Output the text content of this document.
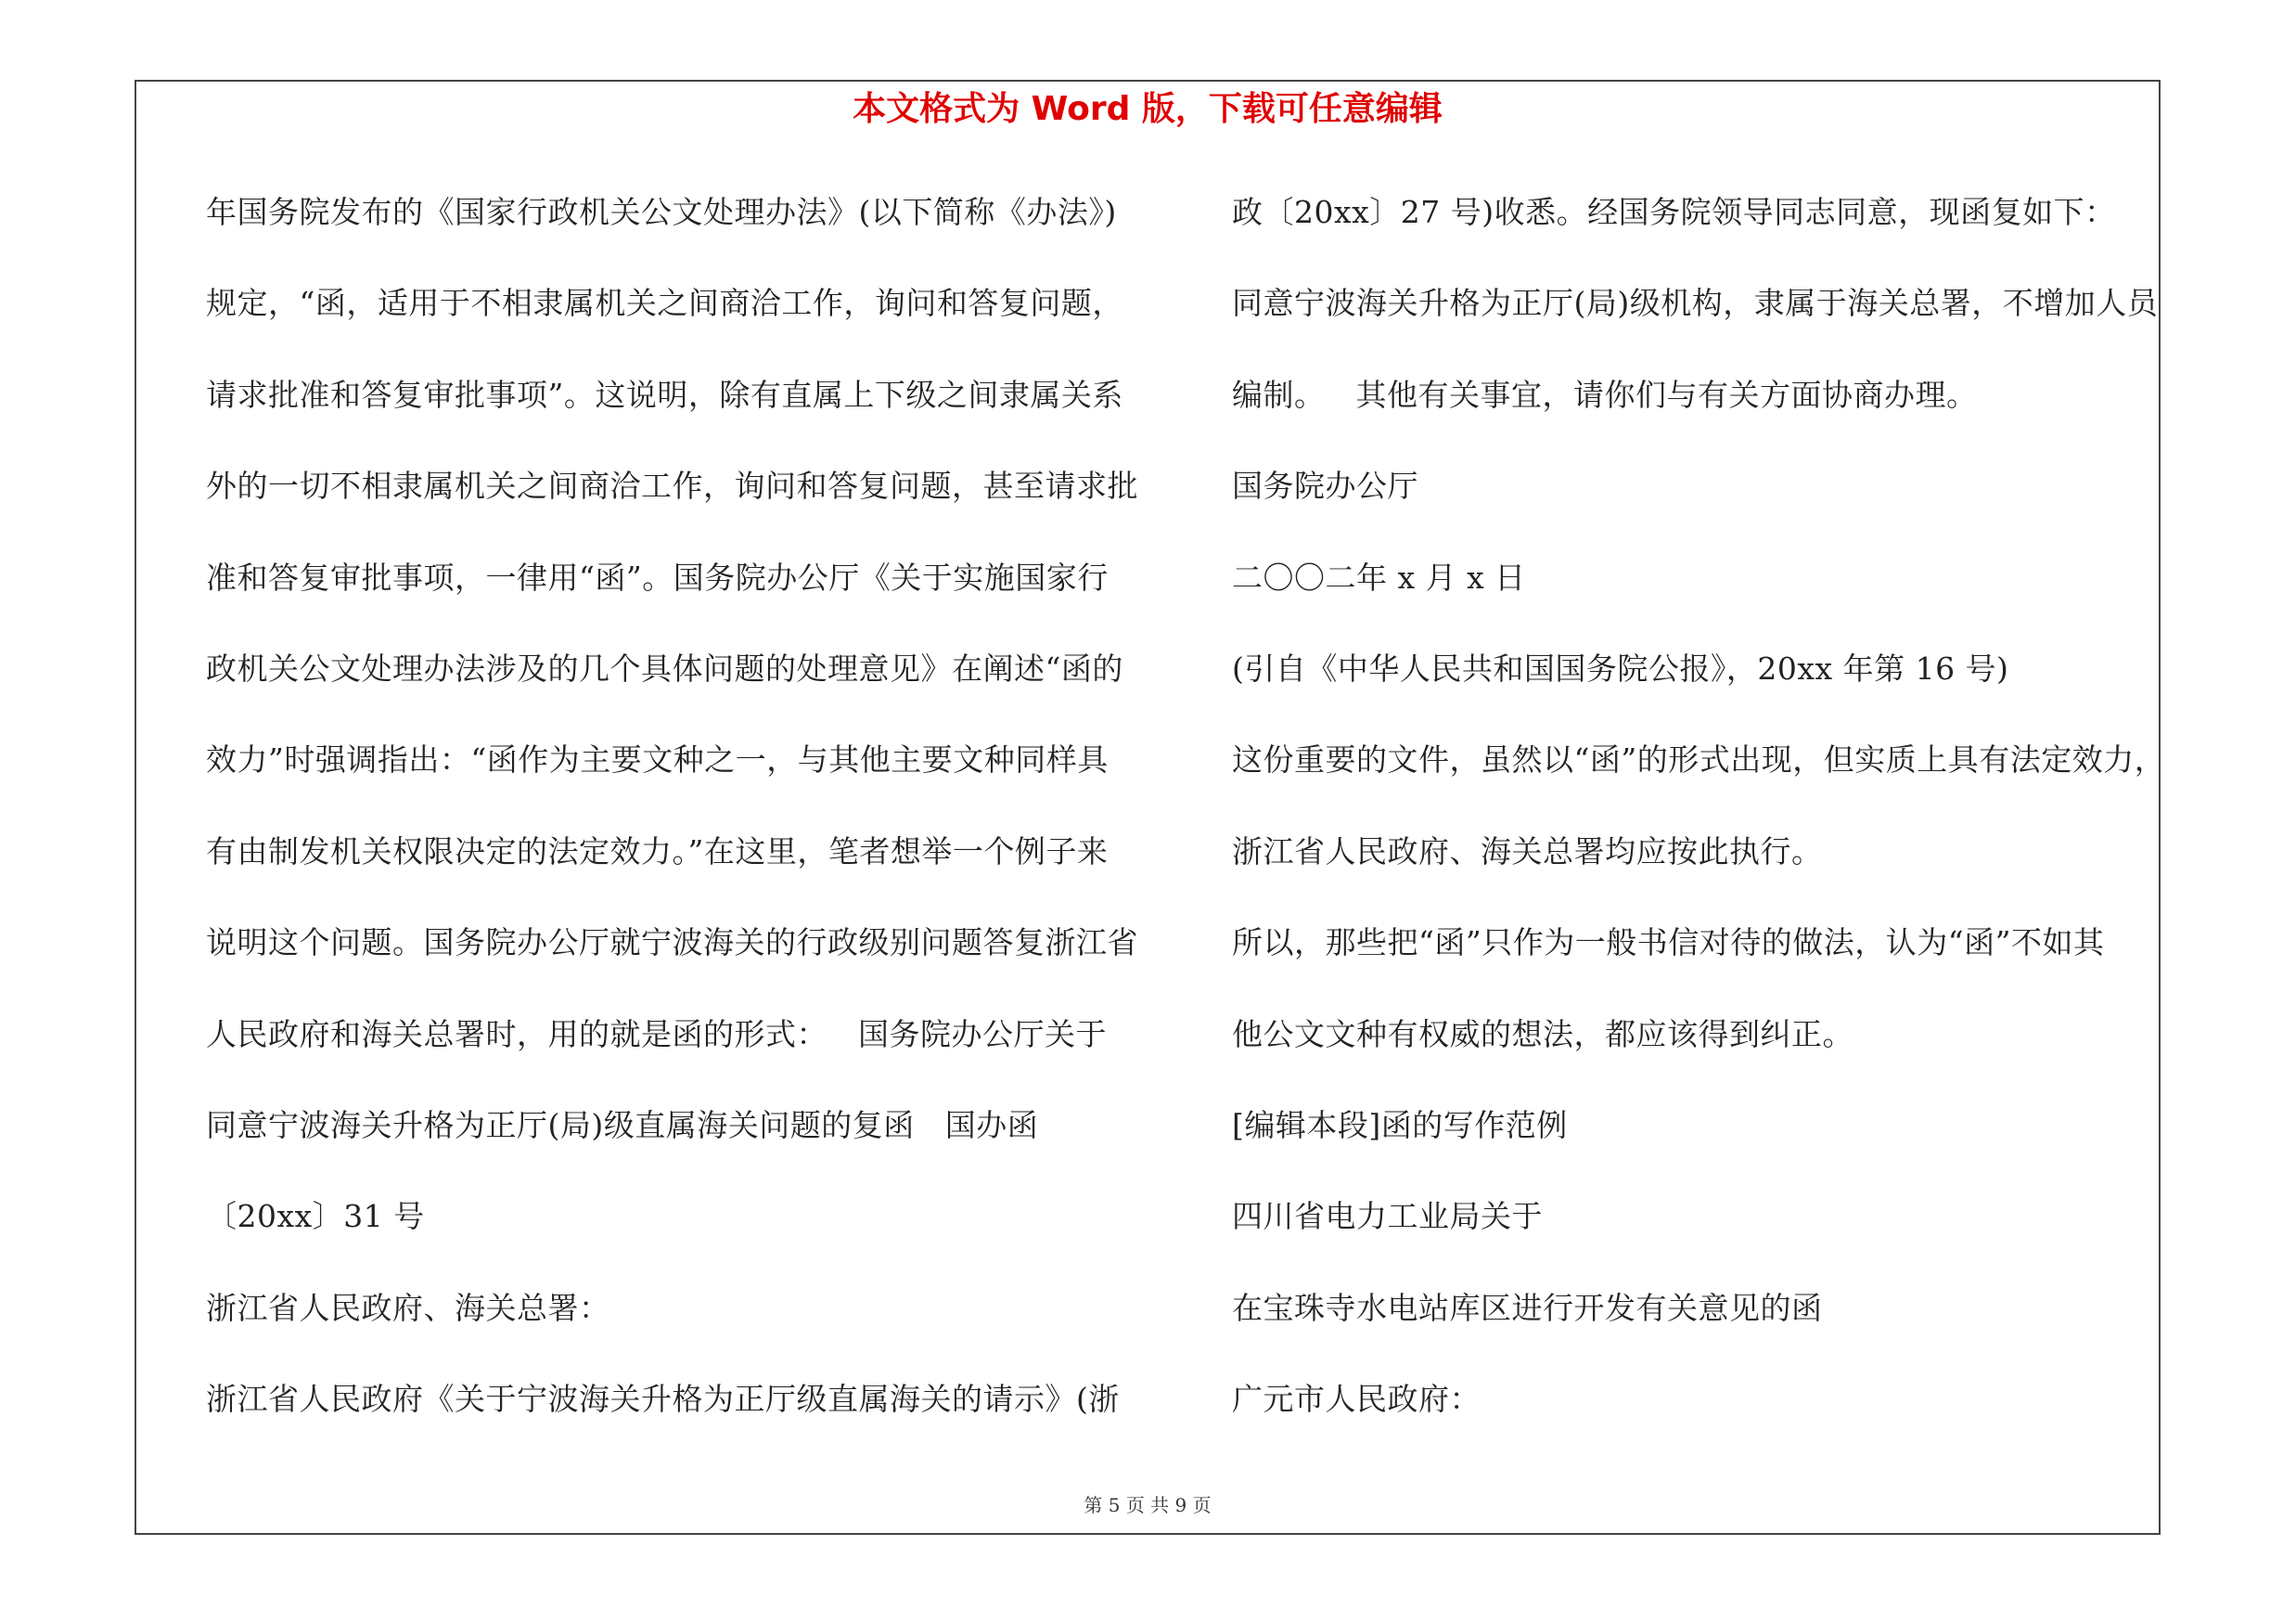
本文格式为 Word 版，下载可任意编辑
年国务院发布的《国家行政机关公文处理办法》(以下简称《办法》)
规定，“函，适用于不相隶属机关之间商洽工作，询问和答复问题，
请求批准和答复审批事项”。这说明，除有直属上下级之间隶属关系
外的一切不相隶属机关之间商洽工作，询问和答复问题，甚至请求批
准和答复审批事项，一律用“函”。国务院办公厅《关于实施国家行
政机关公文处理办法涉及的几个具体问题的处理意见》在阐述“函的
效力”时强调指出：“函作为主要文种之一，与其他主要文种同样具
有由制发机关权限决定的法定效力。”在这里，笔者想举一个例子来
说明这个问题。国务院办公厅就宁波海关的行政级别问题答复浙江省
人民政府和海关总署时，用的就是函的形式：   国务院办公厅关于
同意宁波海关升格为正厅(局)级直属海关问题的复函   国办函
〔20xx〕31 号
浙江省人民政府、海关总署：
浙江省人民政府《关于宁波海关升格为正厅级直属海关的请示》(浙
政〔20xx〕27 号)收悉。经国务院领导同志同意，现函复如下：
同意宁波海关升格为正厅(局)级机构，隶属于海关总署，不增加人员
编制。   其他有关事宜，请你们与有关方面协商办理。
国务院办公厅
二〇〇二年 x 月 x 日
(引自《中华人民共和国国务院公报》，20xx 年第 16 号)
这份重要的文件，虽然以“函”的形式出现，但实质上具有法定效力，
浙江省人民政府、海关总署均应按此执行。
所以，那些把“函”只作为一般书信对待的做法，认为“函”不如其
他公文文种有权威的想法，都应该得到纠正。
[编辑本段]函的写作范例
四川省电力工业局关于
在宝珠寺水电站库区进行开发有关意见的函
广元市人民政府：
第 5 页 共 9 页
